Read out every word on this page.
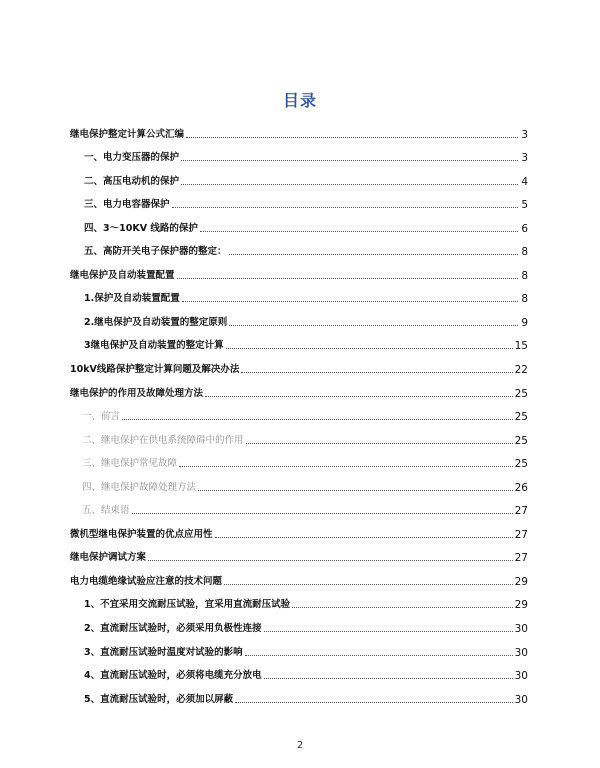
目录
继电保护整定计算公式汇编	3
一、电力变压器的保护	3
二、高压电动机的保护	4
三、电力电容器保护	5
四、3～10KV 线路的保护	6
五、高防开关电子保护器的整定：	8
继电保护及自动装置配置	8
1.保护及自动装置配置	8
2.继电保护及自动装置的整定原则	9
3继电保护及自动装置的整定计算	15
10kV线路保护整定计算问题及解决办法	22
继电保护的作用及故障处理方法	25
一、前言	25
二、继电保护在供电系统障碍中的作用	25
三、继电保护常见故障	25
四、继电保护故障处理方法	26
五、结束语	27
微机型继电保护装置的优点应用性	27
继电保护调试方案	27
电力电缆绝缘试验应注意的技术问题	29
1、不宜采用交流耐压试验，宜采用直流耐压试验	29
2、直流耐压试验时，必须采用负极性连接	30
3、直流耐压试验时温度对试验的影响	30
4、直流耐压试验时，必须将电缆充分放电	30
5、直流耐压试验时，必须加以屏蔽	30
2
